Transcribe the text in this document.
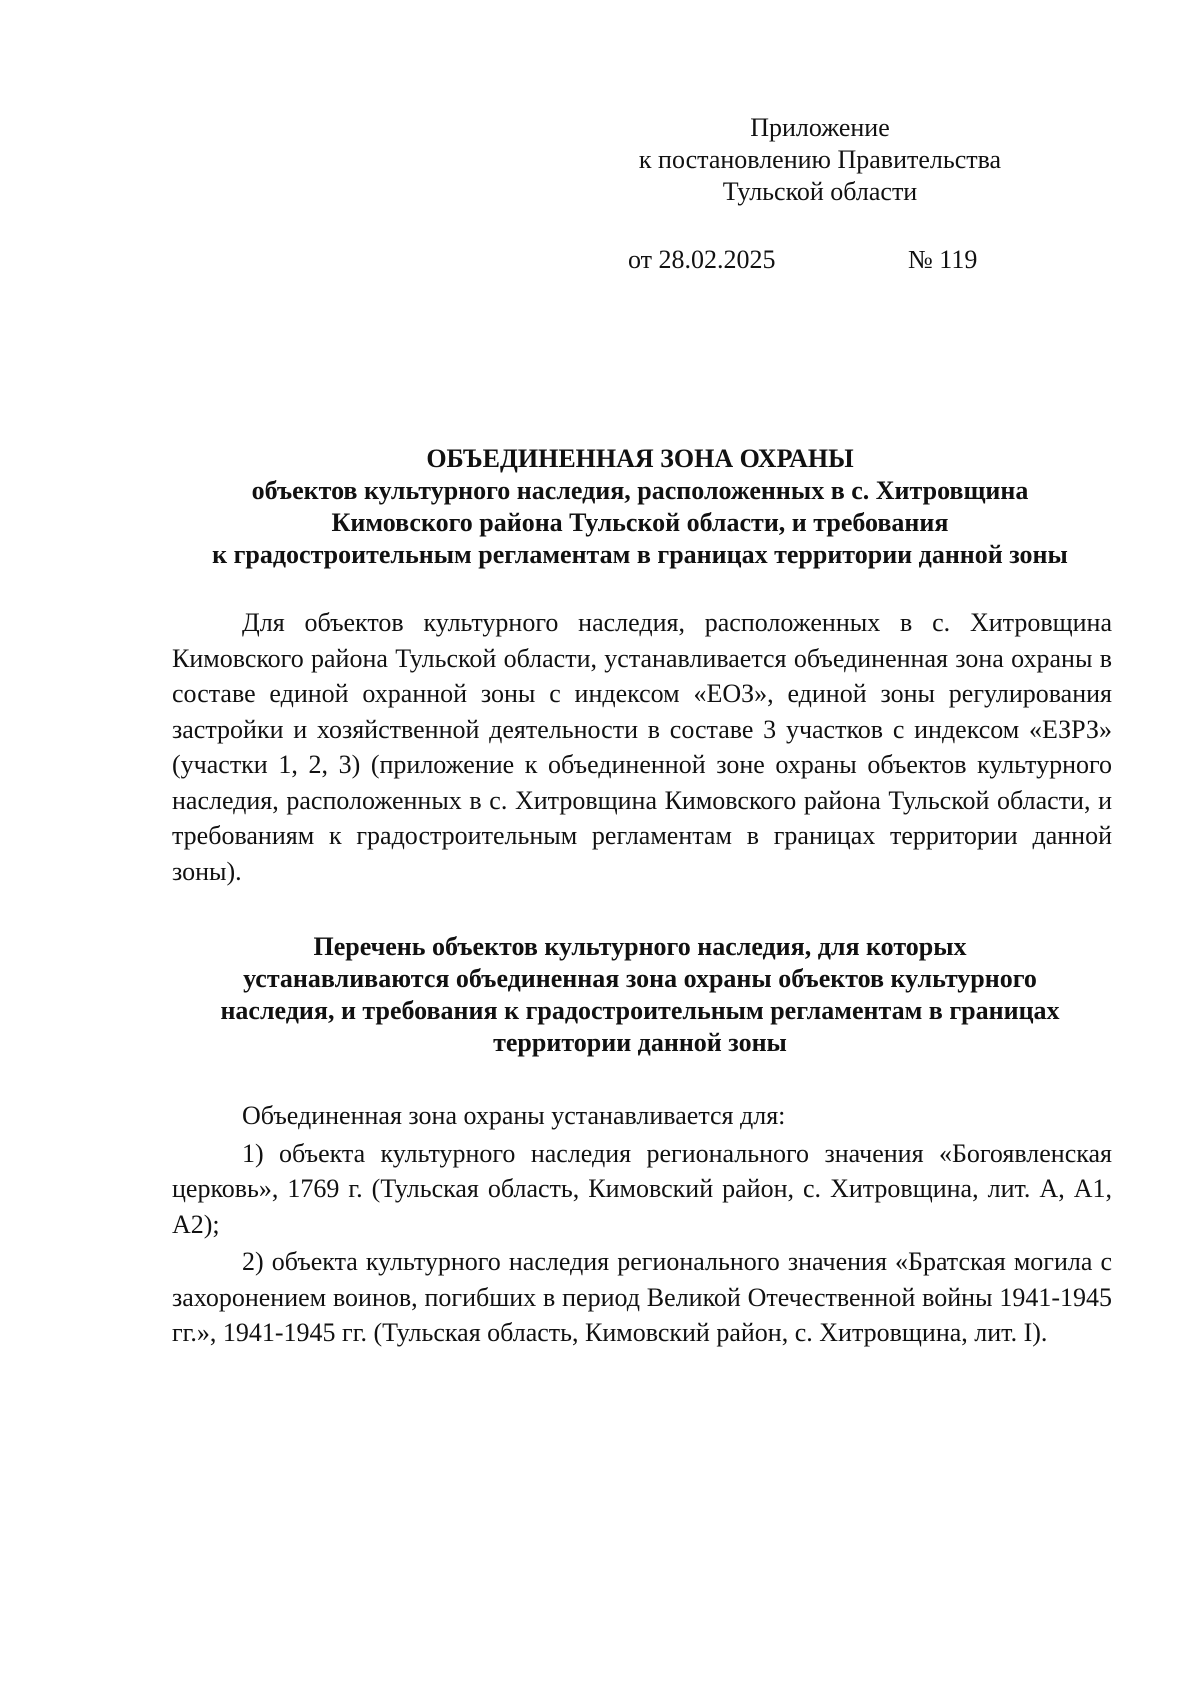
Приложение
к постановлению Правительства
Тульской области
от 28.02.2025	№ 119
ОБЪЕДИНЕННАЯ ЗОНА ОХРАНЫ
объектов культурного наследия, расположенных в с. Хитровщина
Кимовского района Тульской области, и требования
к градостроительным регламентам в границах территории данной зоны

Для объектов культурного наследия, расположенных в с. Хитровщина Кимовского района Тульской области, устанавливается объединенная зона охраны в составе единой охранной зоны с индексом «ЕОЗ», единой зоны регулирования застройки и хозяйственной деятельности в составе 3 участков с индексом «ЕЗРЗ» (участки 1, 2, 3) (приложение к объединенной зоне охраны объектов культурного наследия, расположенных в с. Хитровщина Кимовского района Тульской области, и требованиям к градостроительным регламентам в границах территории данной зоны).

Перечень объектов культурного наследия, для которых
устанавливаются объединенная зона охраны объектов культурного
наследия, и требования к градостроительным регламентам в границах
территории данной зоны

Объединенная зона охраны устанавливается для:

1) объекта культурного наследия регионального значения «Богоявленская церковь», 1769 г. (Тульская область, Кимовский район, с. Хитровщина, лит. А, А1, А2);

2) объекта культурного наследия регионального значения «Братская могила с захоронением воинов, погибших в период Великой Отечественной войны 1941-1945 гг.», 1941-1945 гг. (Тульская область, Кимовский район, с. Хитровщина, лит. I).
